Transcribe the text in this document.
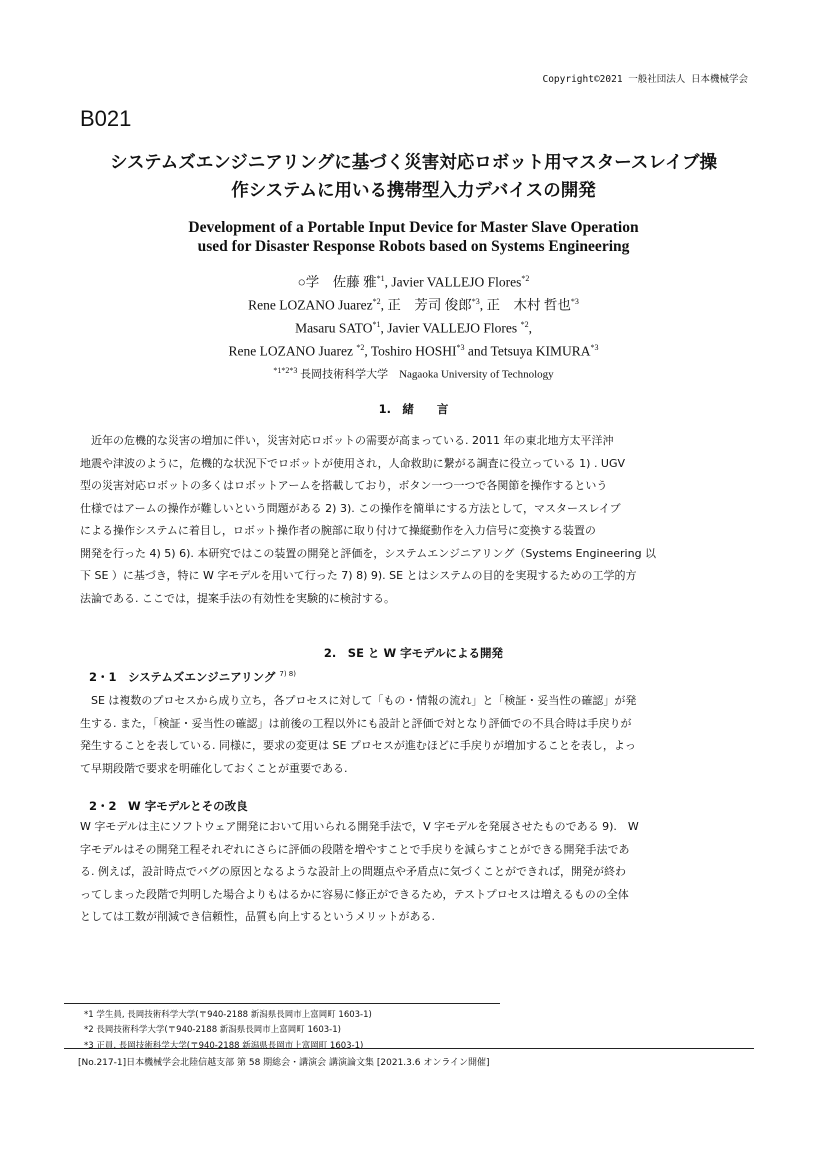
Copyright©2021 一般社団法人 日本機械学会
B021
システムズエンジニアリングに基づく災害対応ロボット用マスタースレイブ操
作システムに用いる携帯型入力デバイスの開発
Development of a Portable Input Device for Master Slave Operation
used for Disaster Response Robots based on Systems Engineering
○学　佐藤 雅$^{*1}$, Javier VALLEJO Flores$^{*2}$
Rene LOZANO Juarez$^{*2}$, 正　芳司 俊郎$^{*3}$, 正　木村 哲也$^{*3}$
Masaru SATO$^{*1}$, Javier VALLEJO Flores $^{*2}$,
Rene LOZANO Juarez $^{*2}$, Toshiro HOSHI$^{*3}$ and Tetsuya KIMURA$^{*3}$
$^{*1*2*3}$ 長岡技術科学大学　Nagaoka University of Technology
1.　緒　　言
近年の危機的な災害の増加に伴い，災害対応ロボットの需要が高まっている. 2011 年の東北地方太平洋沖
地震や津波のように，危機的な状況下でロボットが使用され，人命救助に繋がる調査に役立っている 1) . UGV
型の災害対応ロボットの多くはロボットアームを搭載しており，ボタン一つ一つで各関節を操作するという
仕様ではアームの操作が難しいという問題がある 2) 3). この操作を簡単にする方法として，マスタースレイブ
による操作システムに着目し，ロボット操作者の腕部に取り付けて操縦動作を入力信号に変換する装置の
開発を行った 4) 5) 6). 本研究ではこの装置の開発と評価を，システムエンジニアリング（Systems Engineering 以
下 SE ）に基づき，特に W 字モデルを用いて行った 7) 8) 9). SE とはシステムの目的を実現するための工学的方
法論である. ここでは，提案手法の有効性を実験的に検討する。
2.　SE と W 字モデルによる開発
2・1　システムズエンジニアリング $^{7) 8)}$
SE は複数のプロセスから成り立ち，各プロセスに対して「もの・情報の流れ」と「検証・妥当性の確認」が発
生する. また，「検証・妥当性の確認」は前後の工程以外にも設計と評価で対となり評価での不具合時は手戻りが
発生することを表している. 同様に，要求の変更は SE プロセスが進むほどに手戻りが増加することを表し，よっ
て早期段階で要求を明確化しておくことが重要である.
2・2　W 字モデルとその改良
W 字モデルは主にソフトウェア開発において用いられる開発手法で，V 字モデルを発展させたものである 9).　W
字モデルはその開発工程それぞれにさらに評価の段階を増やすことで手戻りを減らすことができる開発手法であ
る. 例えば，設計時点でバグの原因となるような設計上の問題点や矛盾点に気づくことができれば，開発が終わ
ってしまった段階で判明した場合よりもはるかに容易に修正ができるため，テストプロセスは増えるものの全体
としては工数が削減でき信頼性，品質も向上するというメリットがある.
*1 学生員, 長岡技術科学大学(〒940-2188 新潟県長岡市上富岡町 1603-1)
*2 長岡技術科学大学(〒940-2188 新潟県長岡市上富岡町 1603-1)
*3 正員, 長岡技術科学大学(〒940-2188 新潟県長岡市上富岡町 1603-1)
[No.217-1]日本機械学会北陸信越支部 第 58 期総会・講演会 講演論文集 [2021.3.6 オンライン開催]
